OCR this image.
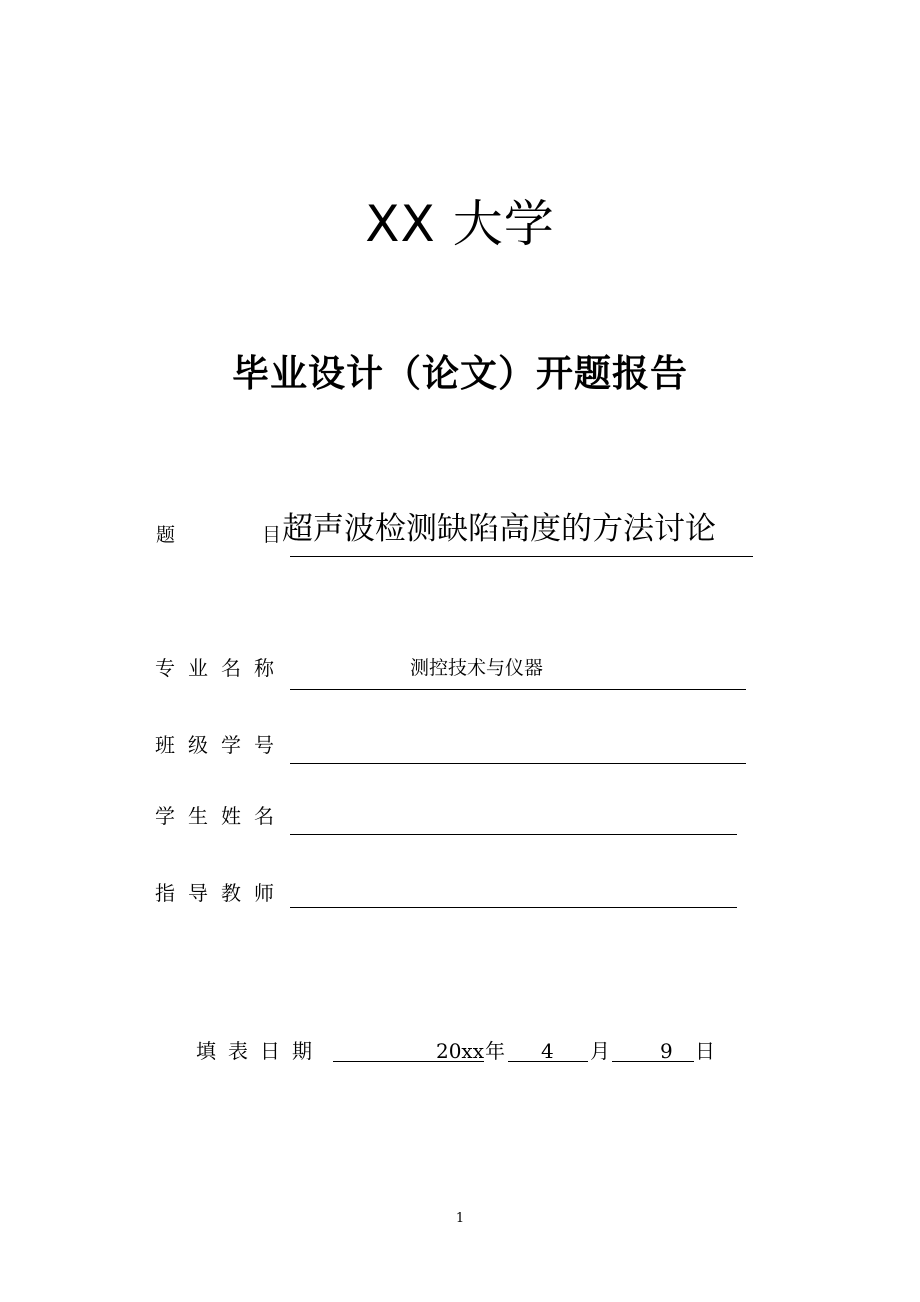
XX 大学
毕业设计（论文）开题报告
题	目 超声波检测缺陷高度的方法讨论
专业名称	测控技术与仪器
班级学号
学生姓名
指导教师
填表日期	20xx 年 4 月	9 日
1
